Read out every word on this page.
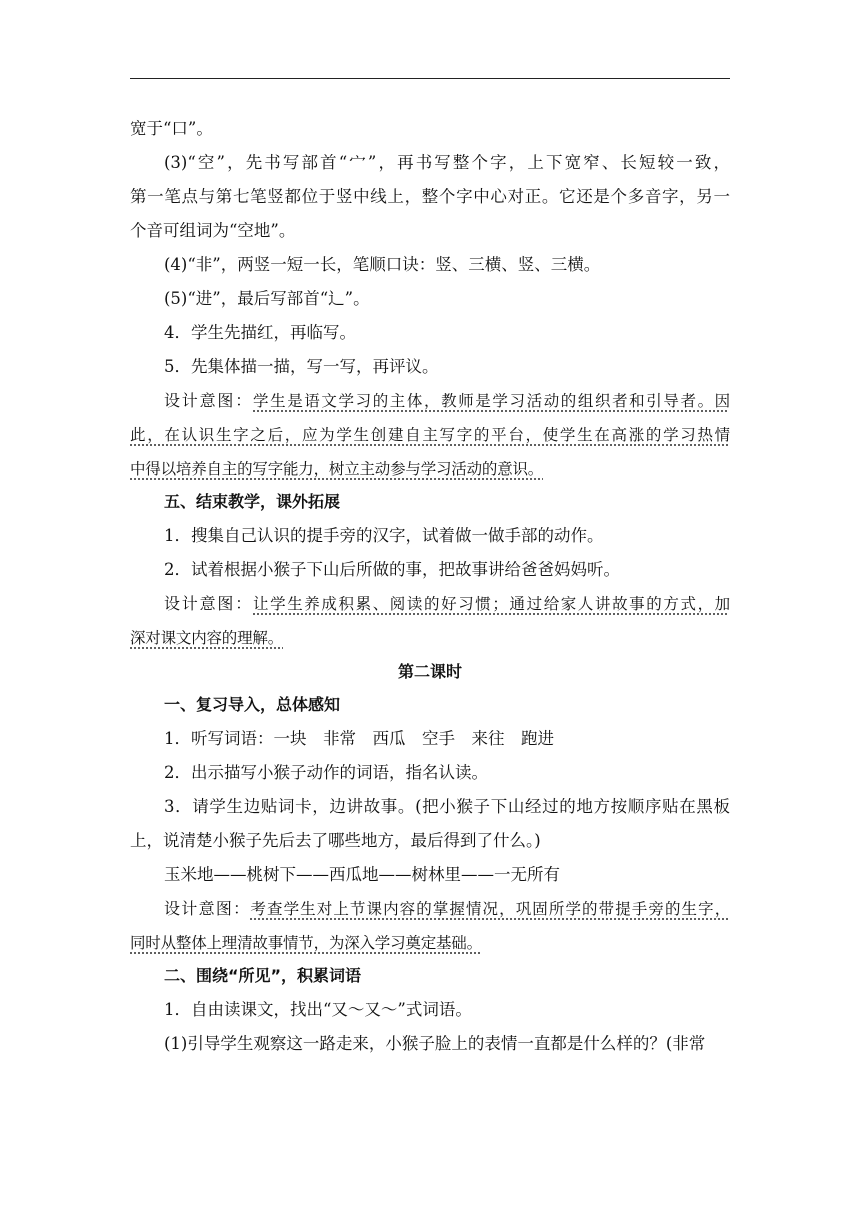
宽于“口”。
(3)“空”，先书写部首“宀”，再书写整个字，上下宽窄、长短较一致，
第一笔点与第七笔竖都位于竖中线上，整个字中心对正。它还是个多音字，另一
个音可组词为“空地”。
(4)“非”，两竖一短一长，笔顺口诀：竖、三横、竖、三横。
(5)“进”，最后写部首“辶”。
4．学生先描红，再临写。
5．先集体描一描，写一写，再评议。
设计意图：学生是语文学习的主体，教师是学习活动的组织者和引导者。因
此，在认识生字之后，应为学生创建自主写字的平台，使学生在高涨的学习热情
中得以培养自主的写字能力，树立主动参与学习活动的意识。
五、结束教学，课外拓展
1．搜集自己认识的提手旁的汉字，试着做一做手部的动作。
2．试着根据小猴子下山后所做的事，把故事讲给爸爸妈妈听。
设计意图：让学生养成积累、阅读的好习惯；通过给家人讲故事的方式，加
深对课文内容的理解。
第二课时
一、复习导入，总体感知
1．听写词语：一块　非常　西瓜　空手　来往　跑进
2．出示描写小猴子动作的词语，指名认读。
3．请学生边贴词卡，边讲故事。(把小猴子下山经过的地方按顺序贴在黑板
上，说清楚小猴子先后去了哪些地方，最后得到了什么。)
玉米地——桃树下——西瓜地——树林里——一无所有
设计意图：考查学生对上节课内容的掌握情况，巩固所学的带提手旁的生字，
同时从整体上理清故事情节，为深入学习奠定基础。
二、围绕“所见”，积累词语
1．自由读课文，找出“又～又～”式词语。
(1)引导学生观察这一路走来，小猴子脸上的表情一直都是什么样的？(非常
